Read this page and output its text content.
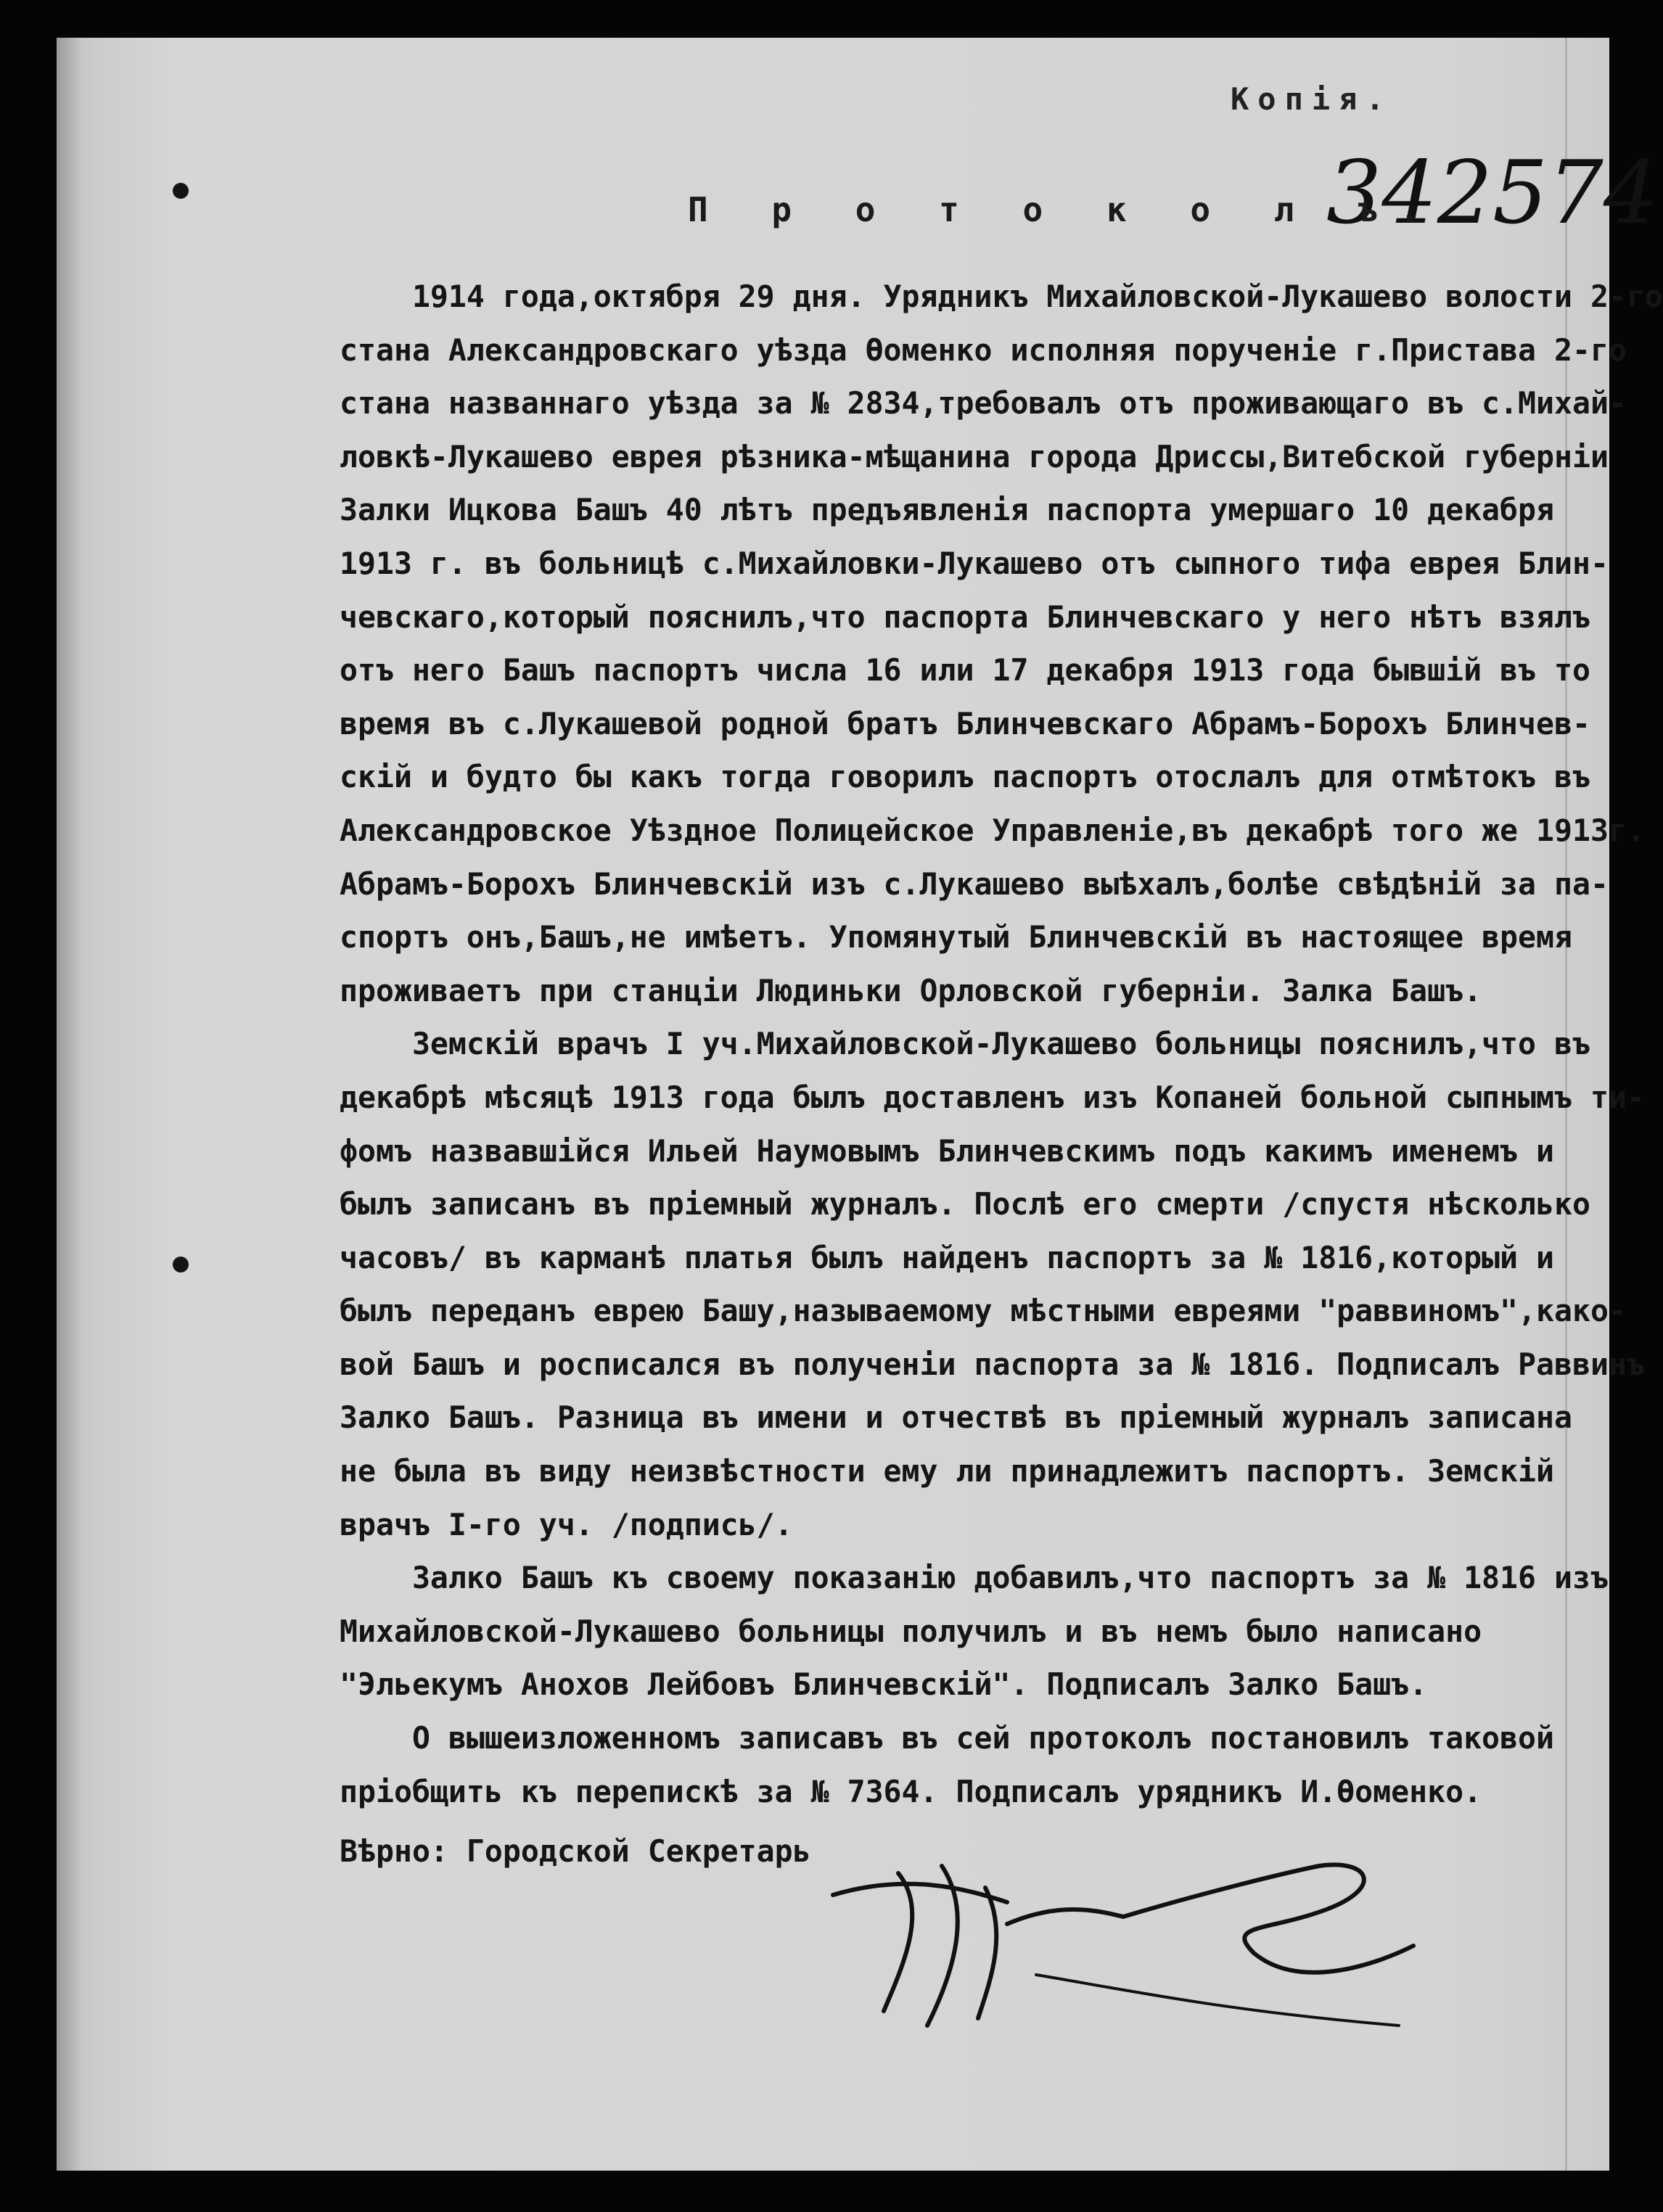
Копія.
342574
П р о т о к о л ъ.
1914 года,октября 29 дня. Урядникъ Михайловской-Лукашево волости 2-го
стана Александровскаго уѣзда Ѳоменко исполняя порученіе г.Пристава 2-го
стана названнаго уѣзда за № 2834,требовалъ отъ проживающаго въ с.Михай-
ловкѣ-Лукашево еврея рѣзника-мѣщанина города Дриссы,Витебской губерніи
Залки Ицкова Башъ 40 лѣтъ предъявленія паспорта умершаго 10 декабря
1913 г. въ больницѣ с.Михайловки-Лукашево отъ сыпного тифа еврея Блин-
чевскаго,который пояснилъ,что паспорта Блинчевскаго у него нѣтъ взялъ
отъ него Башъ паспортъ числа 16 или 17 декабря 1913 года бывшій въ то
время въ с.Лукашевой родной братъ Блинчевскаго Абрамъ-Борохъ Блинчев-
скій и будто бы какъ тогда говорилъ паспортъ отослалъ для отмѣтокъ въ
Александровское Уѣздное Полицейское Управленіе,въ декабрѣ того же 1913г.
Абрамъ-Борохъ Блинчевскій изъ с.Лукашево выѣхалъ,болѣе свѣдѣній за па-
спортъ онъ,Башъ,не имѣетъ. Упомянутый Блинчевскій въ настоящее время
проживаетъ при станціи Людиньки Орловской губерніи. Залка Башъ.
Земскій врачъ I уч.Михайловской-Лукашево больницы пояснилъ,что въ
декабрѣ мѣсяцѣ 1913 года былъ доставленъ изъ Копаней больной сыпнымъ ти-
фомъ назвавшійся Ильей Наумовымъ Блинчевскимъ подъ какимъ именемъ и
былъ записанъ въ пріемный журналъ. Послѣ его смерти /спустя нѣсколько
часовъ/ въ карманѣ платья былъ найденъ паспортъ за № 1816,который и
былъ переданъ еврею Башу,называемому мѣстными евреями "раввиномъ",како-
вой Башъ и росписался въ полученіи паспорта за № 1816. Подписалъ Раввинъ
Залко Башъ. Разница въ имени и отчествѣ въ пріемный журналъ записана
не была въ виду неизвѣстности ему ли принадлежитъ паспортъ. Земскій
врачъ I-го уч. /подпись/.
Залко Башъ къ своему показанію добавилъ,что паспортъ за № 1816 изъ
Михайловской-Лукашево больницы получилъ и въ немъ было написано
"Эльекумъ Анохов Лейбовъ Блинчевскій". Подписалъ Залко Башъ.
О вышеизложенномъ записавъ въ сей протоколъ постановилъ таковой
пріобщить къ перепискѣ за № 7364. Подписалъ урядникъ И.Ѳоменко.
Вѣрно: Городской Секретарь
